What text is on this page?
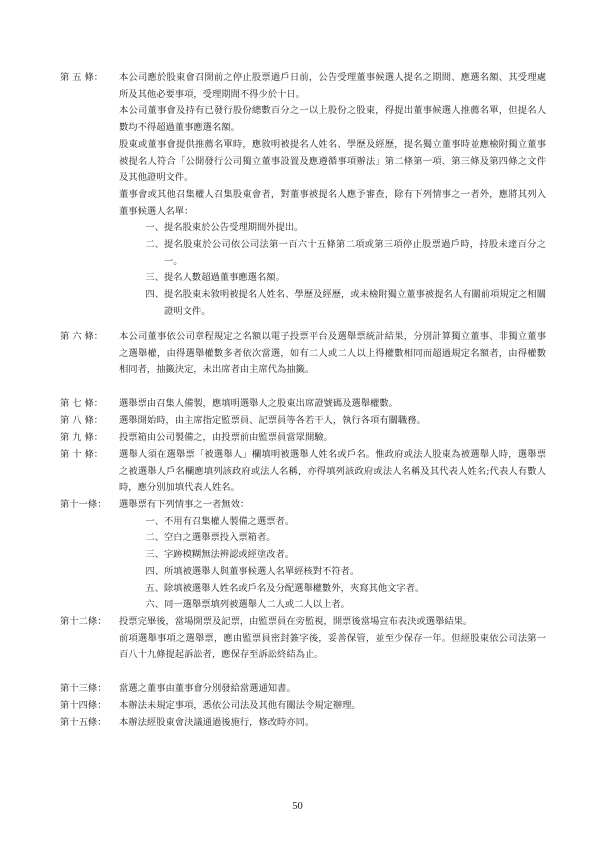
第 五 條：	本公司應於股東會召開前之停止股票過戶日前，公告受理董事候選人提名之期間、應選名額、其受理處所及其他必要事項，受理期間不得少於十日。

本公司董事會及持有已發行股份總數百分之一以上股份之股東，得提出董事候選人推薦名單，但提名人數均不得超過董事應選名額。

股東或董事會提供推薦名單時，應敘明被提名人姓名、學歷及經歷，提名獨立董事時並應檢附獨立董事被提名人符合「公開發行公司獨立董事設置及應遵循事項辦法」第二條第一項、第三條及第四條之文件及其他證明文件。

董事會或其他召集權人召集股東會者，對董事被提名人應予審查，除有下列情事之一者外，應將其列入董事候選人名單：

一、 提名股東於公告受理期間外提出。
二、 提名股東於公司依公司法第一百六十五條第二項或第三項停止股票過戶時，持股未達百分之一。
三、 提名人數超過董事應選名額。
四、 提名股東未敘明被提名人姓名、學歷及經歷，或未檢附獨立董事被提名人有關前項規定之相關證明文件。
第 六 條：	本公司董事依公司章程規定之名額以電子投票平台及選舉票統計結果，分別計算獨立董事、非獨立董事之選舉權，由得選舉權數多者依次當選，如有二人或二人以上得權數相同而超過規定名額者，由得權數相同者，抽籤決定，未出席者由主席代為抽籤。

第 七 條：	選舉票由召集人備製，應填明選舉人之股東出席證號碼及選舉權數。

第 八 條：	選舉開始時，由主席指定監票員、記票員等各若干人，執行各項有關職務。

第 九 條：	投票箱由公司製備之，由投票前由監票員當眾開驗。

第 十 條：	選舉人須在選舉票「被選舉人」欄填明被選舉人姓名或戶名。惟政府或法人股東為被選舉人時，選舉票之被選舉人戶名欄應填列該政府或法人名稱，亦得填列該政府或法人名稱及其代表人姓名;代表人有數人時，應分別加填代表人姓名。

第十一條：	選舉票有下列情事之一者無效：

一、 不用有召集權人製備之選票者。
二、 空白之選舉票投入票箱者。
三、 字跡模糊無法辨認或經塗改者。
四、 所填被選舉人與董事候選人名單經核對不符者。
五、 除填被選舉人姓名或戶名及分配選舉權數外，夾寫其他文字者。
六、 同一選舉票填列被選舉人二人或二人以上者。
第十二條：	投票完畢後，當場開票及記票，由監票員在旁監視，開票後當場宣布表決或選舉結果。

前項選舉事項之選舉票，應由監票員密封簽字後，妥善保管，並至少保存一年。但經股東依公司法第一百八十九條提起訴訟者，應保存至訴訟終結為止。

第十三條：	當選之董事由董事會分別發給當選通知書。

第十四條：	本辦法未規定事項，悉依公司法及其他有關法令規定辦理。

第十五條：	本辦法經股東會決議通過後施行，修改時亦同。

50
